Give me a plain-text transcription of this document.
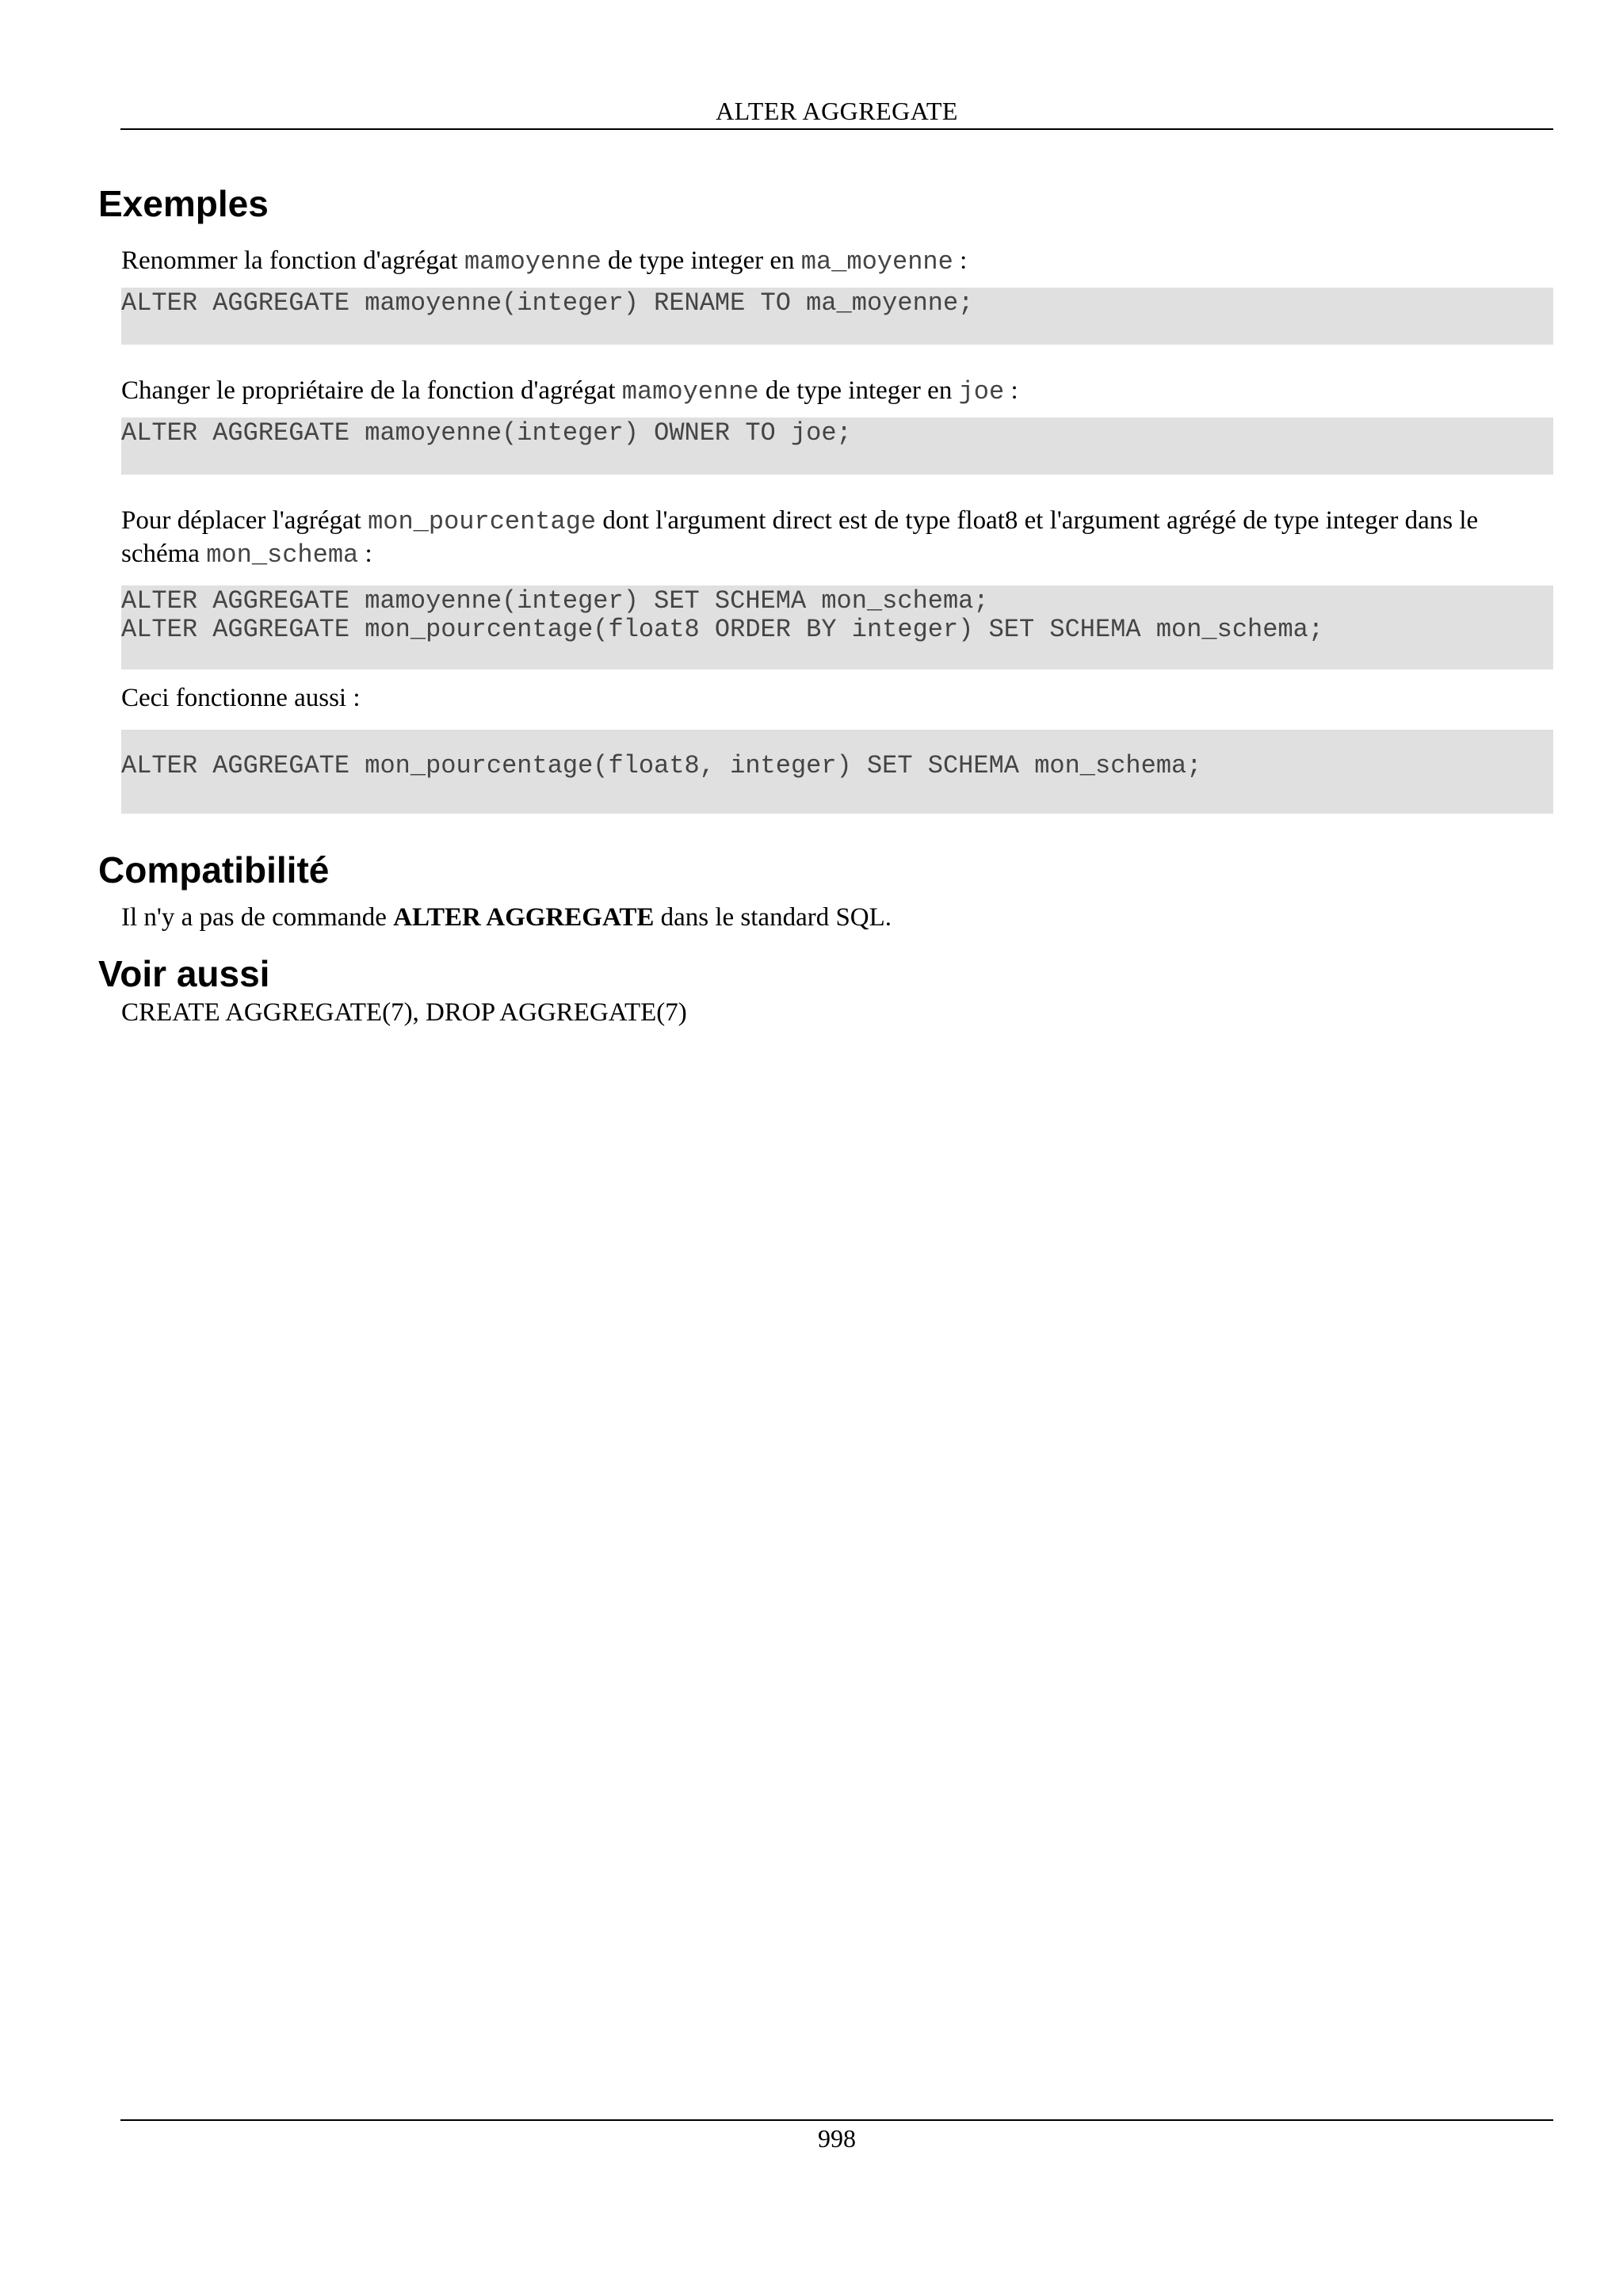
ALTER AGGREGATE
Exemples
Renommer la fonction d'agrégat mamoyenne de type integer en ma_moyenne :
ALTER AGGREGATE mamoyenne(integer) RENAME TO ma_moyenne;
Changer le propriétaire de la fonction d'agrégat mamoyenne de type integer en joe :
ALTER AGGREGATE mamoyenne(integer) OWNER TO joe;
Pour déplacer l'agrégat mon_pourcentage dont l'argument direct est de type float8 et l'argument agrégé de type integer dans le schéma mon_schema :
ALTER AGGREGATE mamoyenne(integer) SET SCHEMA mon_schema;
ALTER AGGREGATE mon_pourcentage(float8 ORDER BY integer) SET SCHEMA mon_schema;
Ceci fonctionne aussi :
ALTER AGGREGATE mon_pourcentage(float8, integer) SET SCHEMA mon_schema;
Compatibilité
Il n'y a pas de commande ALTER AGGREGATE dans le standard SQL.
Voir aussi
CREATE AGGREGATE(7), DROP AGGREGATE(7)
998
